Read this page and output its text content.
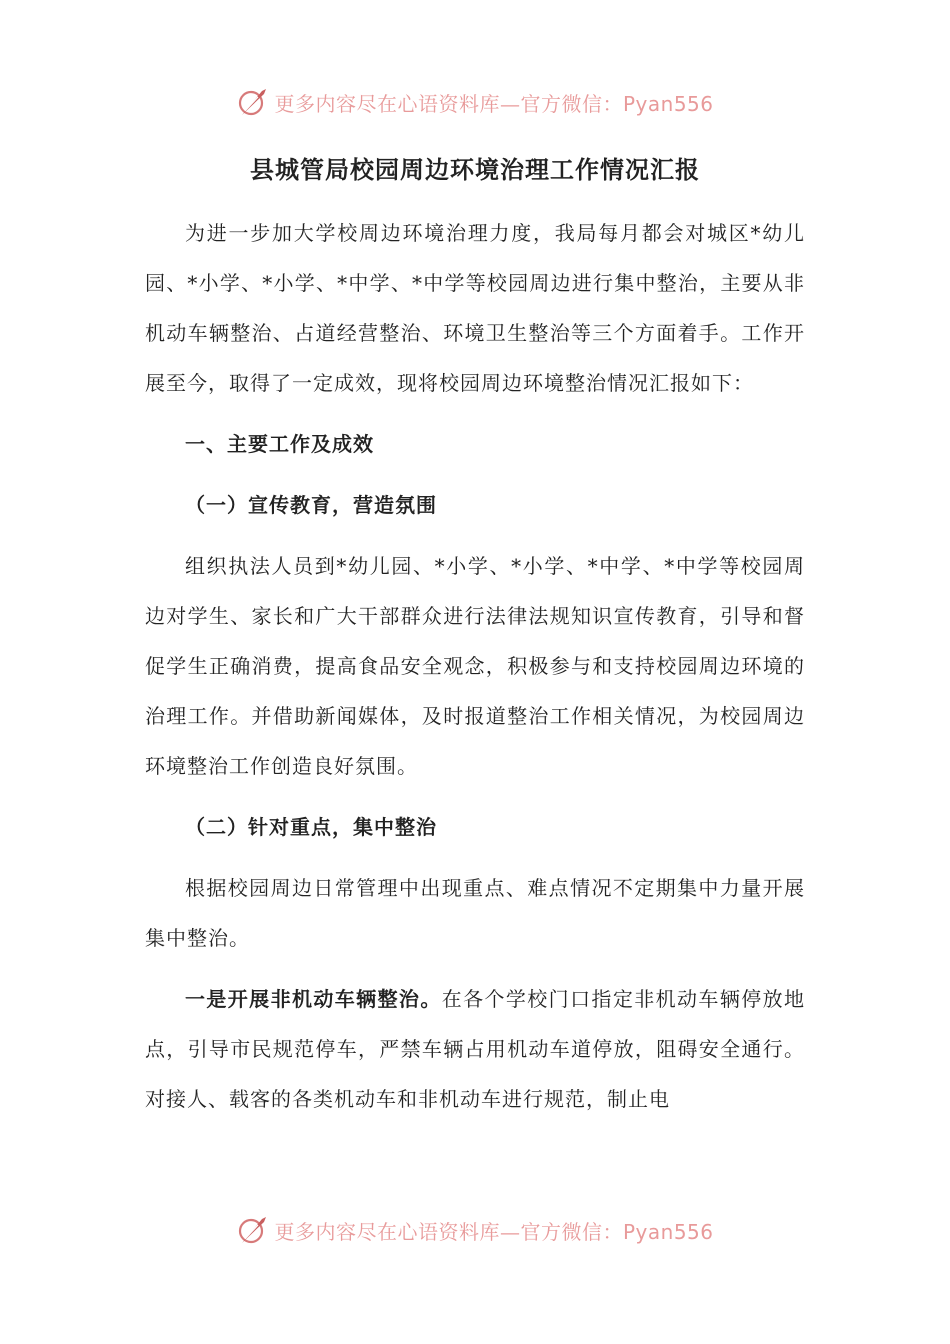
更多内容尽在心语资料库—官方微信：Pyan556
县城管局校园周边环境治理工作情况汇报

为进一步加大学校周边环境治理力度，我局每月都会对城区*幼儿园、*小学、*小学、*中学、*中学等校园周边进行集中整治，主要从非机动车辆整治、占道经营整治、环境卫生整治等三个方面着手。工作开展至今，取得了一定成效，现将校园周边环境整治情况汇报如下：

一、主要工作及成效

（一）宣传教育，营造氛围

组织执法人员到*幼儿园、*小学、*小学、*中学、*中学等校园周边对学生、家长和广大干部群众进行法律法规知识宣传教育，引导和督促学生正确消费，提高食品安全观念，积极参与和支持校园周边环境的治理工作。并借助新闻媒体，及时报道整治工作相关情况，为校园周边环境整治工作创造良好氛围。

（二）针对重点，集中整治

根据校园周边日常管理中出现重点、难点情况不定期集中力量开展集中整治。

一是开展非机动车辆整治。在各个学校门口指定非机动车辆停放地点，引导市民规范停车，严禁车辆占用机动车道停放，阻碍安全通行。对接人、载客的各类机动车和非机动车进行规范，制止电

更多内容尽在心语资料库—官方微信：Pyan556
